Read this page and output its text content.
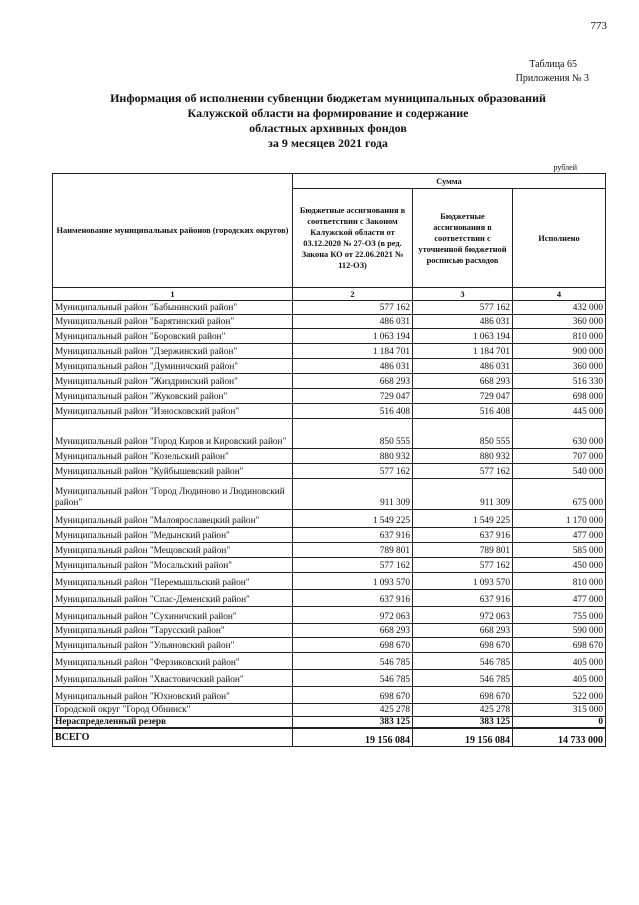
773
Таблица 65
Приложения № 3
Информация об исполнении субвенции бюджетам муниципальных образований
Калужской области на формирование и содержание
областных архивных фондов
за 9 месяцев 2021 года
рублей
Наименование муниципальных районов (городских округов)	Сумма		
	Бюджетные ассигнования в соответствии с Законом Калужской области от 03.12.2020 № 27-ОЗ (в ред. Закона КО от 22.06.2021 № 112-ОЗ)	Бюджетные ассигнования в соответствии с уточненной бюджетной росписью расходов	Исполнено
1	2	3	4
Муниципальный район "Бабынинский район"	577 162	577 162	432 000
Муниципальный район "Барятинский район"	486 031	486 031	360 000
Муниципальный район "Боровский район"	1 063 194	1 063 194	810 000
Муниципальный район "Дзержинский район"	1 184 701	1 184 701	900 000
Муниципальный район "Думиничский район"	486 031	486 031	360 000
Муниципальный район "Жиздринский район"	668 293	668 293	516 330
Муниципальный район "Жуковский район"	729 047	729 047	698 000
Муниципальный район "Износковский район"	516 408	516 408	445 000
Муниципальный район "Город Киров и Кировский район"	850 555	850 555	630 000
Муниципальный район "Козельский район"	880 932	880 932	707 000
Муниципальный район "Куйбышевский район"	577 162	577 162	540 000
Муниципальный район "Город Людиново и Людиновский район"	911 309	911 309	675 000
Муниципальный район "Малоярославецкий район"	1 549 225	1 549 225	1 170 000
Муниципальный район "Медынский район"	637 916	637 916	477 000
Муниципальный район "Мещовский район"	789 801	789 801	585 000
Муниципальный район "Мосальский район"	577 162	577 162	450 000
Муниципальный район "Перемышльский район"	1 093 570	1 093 570	810 000
Муниципальный район "Спас-Деменский район"	637 916	637 916	477 000
Муниципальный район "Сухиничский район"	972 063	972 063	755 000
Муниципальный район "Тарусский район"	668 293	668 293	590 000
Муниципальный район "Ульяновский район"	698 670	698 670	698 670
Муниципальный район "Ферзиковский район"	546 785	546 785	405 000
Муниципальный район "Хвастовичский район"	546 785	546 785	405 000
Муниципальный район "Юхновский район"	698 670	698 670	522 000
Городской округ "Город Обнинск"	425 278	425 278	315 000
Нераспределенный резерв	383 125	383 125	0
ВСЕГО	19 156 084	19 156 084	14 733 000
